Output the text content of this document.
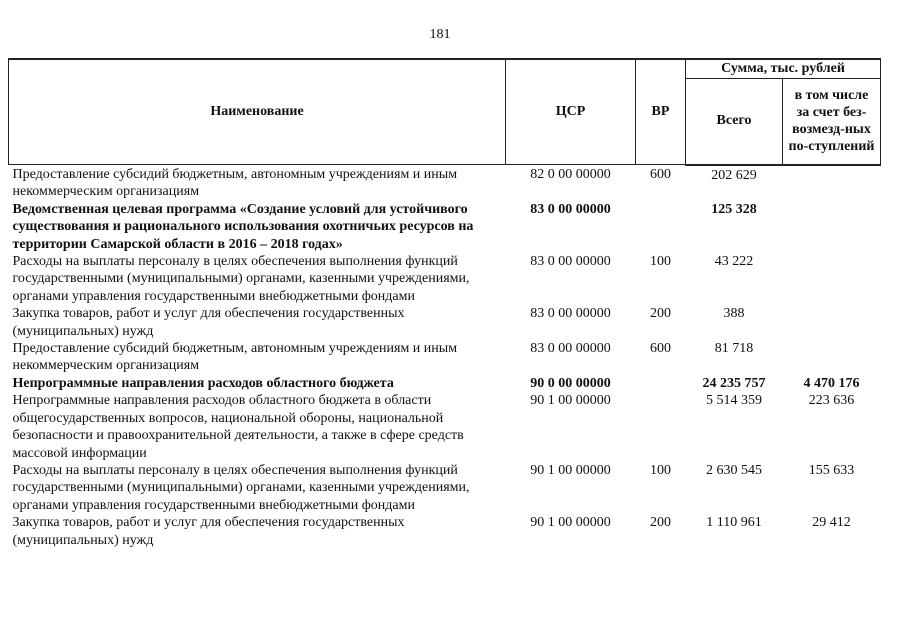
181
Наименование	ЦСР	ВР	Сумма, тыс. рублей	
			Всего	в том числе за счет без-возмезд-ных по-ступлений
Предоставление субсидий бюджетным, автономным учреждениям и иным некоммерческим организациям	82 0 00 00000	600	202 629	
Ведомственная целевая программа «Создание условий для устойчивого существования и рационального использования охотничьих ресурсов на территории Самарской области в 2016 – 2018 годах»	83 0 00 00000		125 328	
Расходы на выплаты персоналу в целях обеспечения выполнения функций государственными (муниципальными) органами, казенными учреждениями, органами управления государственными внебюджетными фондами	83 0 00 00000	100	43 222	
Закупка товаров, работ и услуг для обеспечения государственных (муниципальных) нужд	83 0 00 00000	200	388	
Предоставление субсидий бюджетным, автономным учреждениям и иным некоммерческим организациям	83 0 00 00000	600	81 718	
Непрограммные направления расходов областного бюджета	90 0 00 00000		24 235 757	4 470 176
Непрограммные направления расходов областного бюджета в области общегосударственных вопросов, национальной обороны, национальной безопасности и правоохранительной деятельности, а также в сфере средств массовой информации	90 1 00 00000		5 514 359	223 636
Расходы на выплаты персоналу в целях обеспечения выполнения функций государственными (муниципальными) органами, казенными учреждениями, органами управления государственными внебюджетными фондами	90 1 00 00000	100	2 630 545	155 633
Закупка товаров, работ и услуг для обеспечения государственных (муниципальных) нужд	90 1 00 00000	200	1 110 961	29 412
